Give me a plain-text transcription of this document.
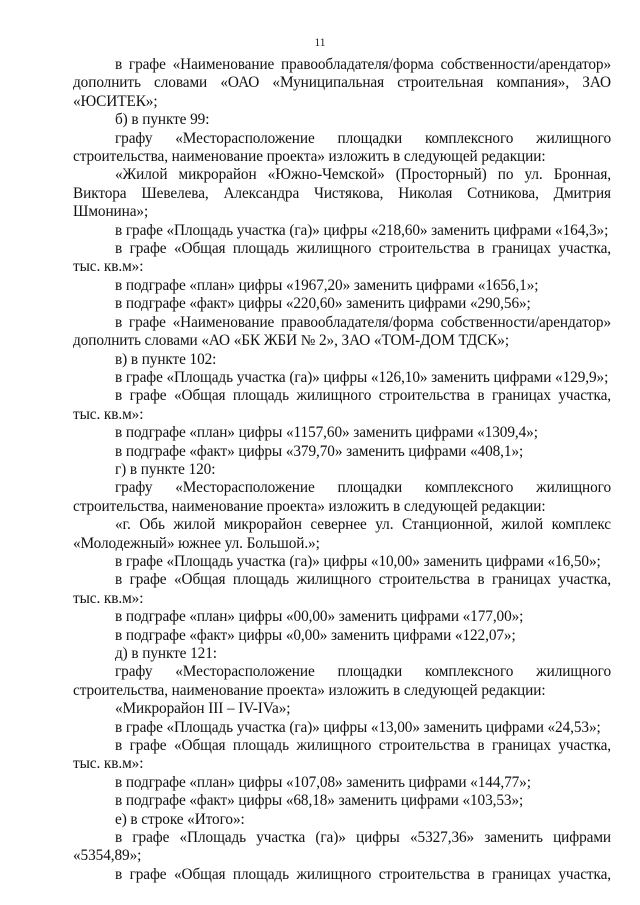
11

в графе «Наименование правообладателя/форма собственности/арендатор» дополнить словами «ОАО «Муниципальная строительная компания», ЗАО «ЮСИТЕК»;

б) в пункте 99:

графу «Месторасположение площадки комплексного жилищного строительства, наименование проекта» изложить в следующей редакции:

«Жилой микрорайон «Южно-Чемской» (Просторный) по ул. Бронная, Виктора Шевелева, Александра Чистякова, Николая Сотникова, Дмитрия Шмонина»;

в графе «Площадь участка (га)» цифры «218,60» заменить цифрами «164,3»;

в графе «Общая площадь жилищного строительства в границах участка, тыс. кв.м»:

в подграфе «план» цифры «1967,20» заменить цифрами «1656,1»;

в подграфе «факт» цифры «220,60» заменить цифрами «290,56»;

в графе «Наименование правообладателя/форма собственности/арендатор» дополнить словами «АО «БК ЖБИ № 2», ЗАО «ТОМ-ДОМ ТДСК»;

в) в пункте 102:

в графе «Площадь участка (га)» цифры «126,10» заменить цифрами «129,9»;

в графе «Общая площадь жилищного строительства в границах участка, тыс. кв.м»:

в подграфе «план» цифры «1157,60» заменить цифрами «1309,4»;

в подграфе «факт» цифры «379,70» заменить цифрами «408,1»;

г) в пункте 120:

графу «Месторасположение площадки комплексного жилищного строительства, наименование проекта» изложить в следующей редакции:

«г. Обь жилой микрорайон севернее ул. Станционной, жилой комплекс «Молодежный» южнее ул. Большой.»;

в графе «Площадь участка (га)» цифры «10,00» заменить цифрами «16,50»;

в графе «Общая площадь жилищного строительства в границах участка, тыс. кв.м»:

в подграфе «план» цифры «00,00» заменить цифрами «177,00»;

в подграфе «факт» цифры «0,00» заменить цифрами «122,07»;

д) в пункте 121:

графу «Месторасположение площадки комплексного жилищного строительства, наименование проекта» изложить в следующей редакции:

«Микрорайон III – IV-IVa»;

в графе «Площадь участка (га)» цифры «13,00» заменить цифрами «24,53»;

в графе «Общая площадь жилищного строительства в границах участка, тыс. кв.м»:

в подграфе «план» цифры «107,08» заменить цифрами «144,77»;

в подграфе «факт» цифры «68,18» заменить цифрами «103,53»;

е) в строке «Итого»:

в графе «Площадь участка (га)» цифры «5327,36» заменить цифрами «5354,89»;

в графе «Общая площадь жилищного строительства в границах участка,
